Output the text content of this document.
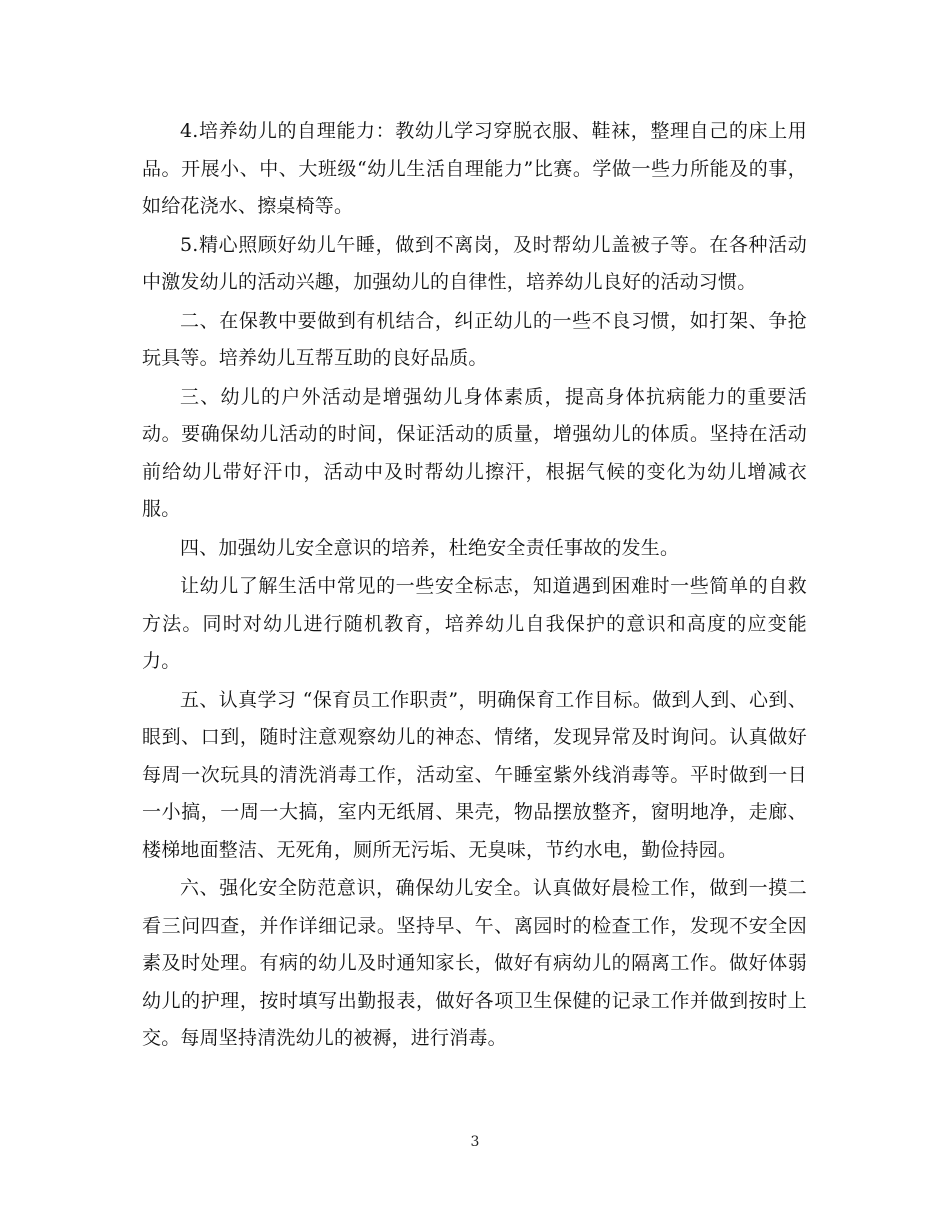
4.培养幼儿的自理能力：教幼儿学习穿脱衣服、鞋袜，整理自己的床上用品。开展小、中、大班级“幼儿生活自理能力”比赛。学做一些力所能及的事，如给花浇水、擦桌椅等。

5.精心照顾好幼儿午睡，做到不离岗，及时帮幼儿盖被子等。在各种活动中激发幼儿的活动兴趣，加强幼儿的自律性，培养幼儿良好的活动习惯。

二、在保教中要做到有机结合，纠正幼儿的一些不良习惯，如打架、争抢玩具等。培养幼儿互帮互助的良好品质。

三、幼儿的户外活动是增强幼儿身体素质，提高身体抗病能力的重要活动。要确保幼儿活动的时间，保证活动的质量，增强幼儿的体质。坚持在活动前给幼儿带好汗巾，活动中及时帮幼儿擦汗，根据气候的变化为幼儿增减衣服。

四、加强幼儿安全意识的培养，杜绝安全责任事故的发生。

让幼儿了解生活中常见的一些安全标志，知道遇到困难时一些简单的自救方法。同时对幼儿进行随机教育，培养幼儿自我保护的意识和高度的应变能力。

五、认真学习 “保育员工作职责”，明确保育工作目标。做到人到、心到、眼到、口到，随时注意观察幼儿的神态、情绪，发现异常及时询问。认真做好每周一次玩具的清洗消毒工作，活动室、午睡室紫外线消毒等。平时做到一日一小搞，一周一大搞，室内无纸屑、果壳，物品摆放整齐，窗明地净，走廊、楼梯地面整洁、无死角，厕所无污垢、无臭味，节约水电，勤俭持园。

六、强化安全防范意识，确保幼儿安全。认真做好晨检工作，做到一摸二看三问四查，并作详细记录。坚持早、午、离园时的检查工作，发现不安全因素及时处理。有病的幼儿及时通知家长，做好有病幼儿的隔离工作。做好体弱幼儿的护理，按时填写出勤报表，做好各项卫生保健的记录工作并做到按时上交。每周坚持清洗幼儿的被褥，进行消毒。

3
